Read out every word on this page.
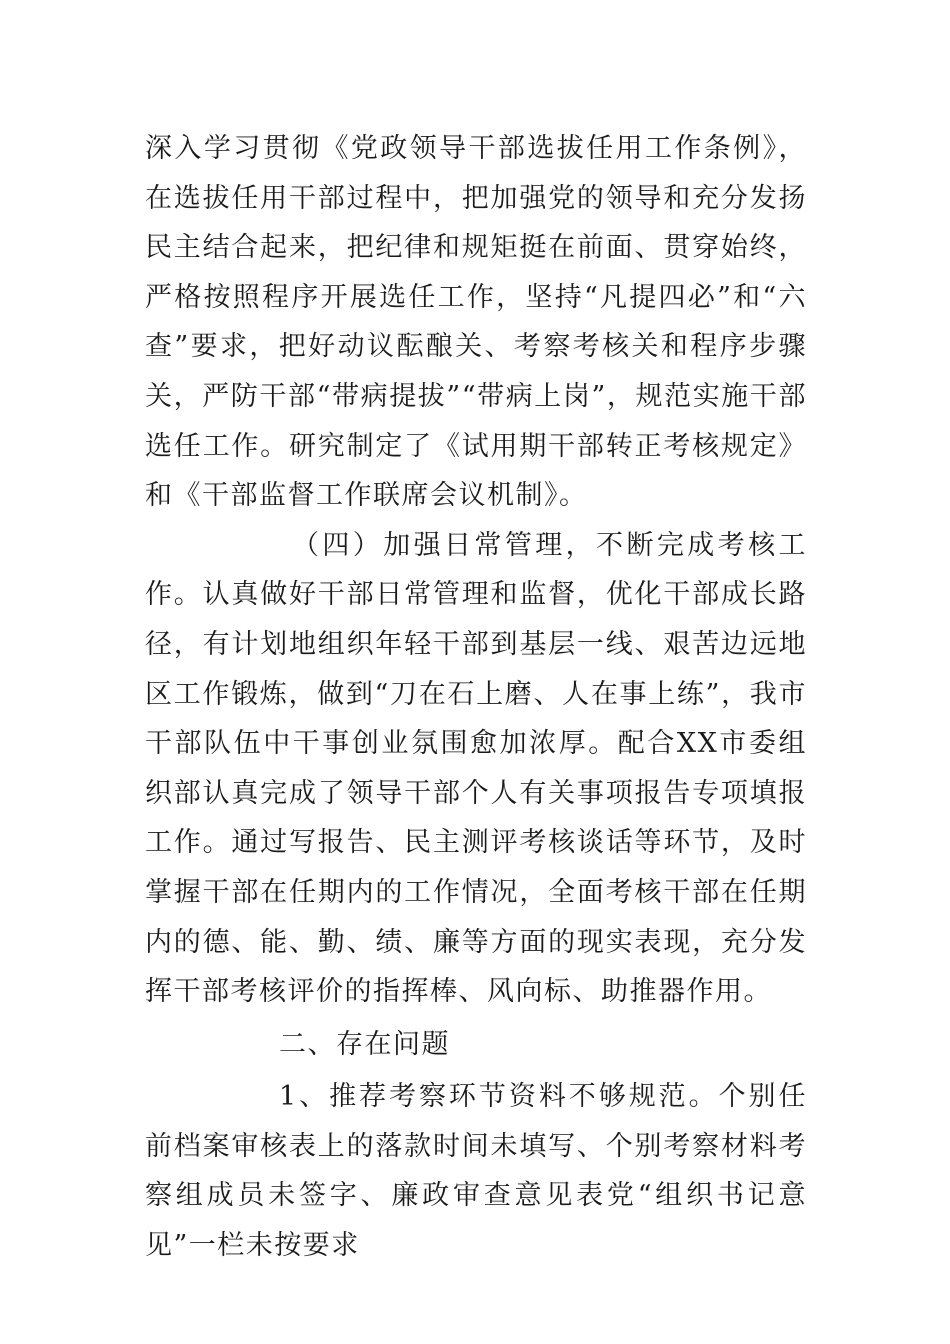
深入学习贯彻《党政领导干部选拔任用工作条例》，在选拔任用干部过程中，把加强党的领导和充分发扬民主结合起来，把纪律和规矩挺在前面、贯穿始终，严格按照程序开展选任工作，坚持“凡提四必”和“六查”要求，把好动议酝酿关、考察考核关和程序步骤关，严防干部“带病提拔”“带病上岗”，规范实施干部选任工作。研究制定了《试用期干部转正考核规定》和《干部监督工作联席会议机制》。

（四）加强日常管理，不断完成考核工作。认真做好干部日常管理和监督，优化干部成长路径，有计划地组织年轻干部到基层一线、艰苦边远地区工作锻炼，做到“刀在石上磨、人在事上练”，我市干部队伍中干事创业氛围愈加浓厚。配合XX市委组织部认真完成了领导干部个人有关事项报告专项填报工作。通过写报告、民主测评考核谈话等环节，及时掌握干部在任期内的工作情况，全面考核干部在任期内的德、能、勤、绩、廉等方面的现实表现，充分发挥干部考核评价的指挥棒、风向标、助推器作用。

二、存在问题

1、推荐考察环节资料不够规范。个别任前档案审核表上的落款时间未填写、个别考察材料考察组成员未签字、廉政审查意见表党“组织书记意见”一栏未按要求
